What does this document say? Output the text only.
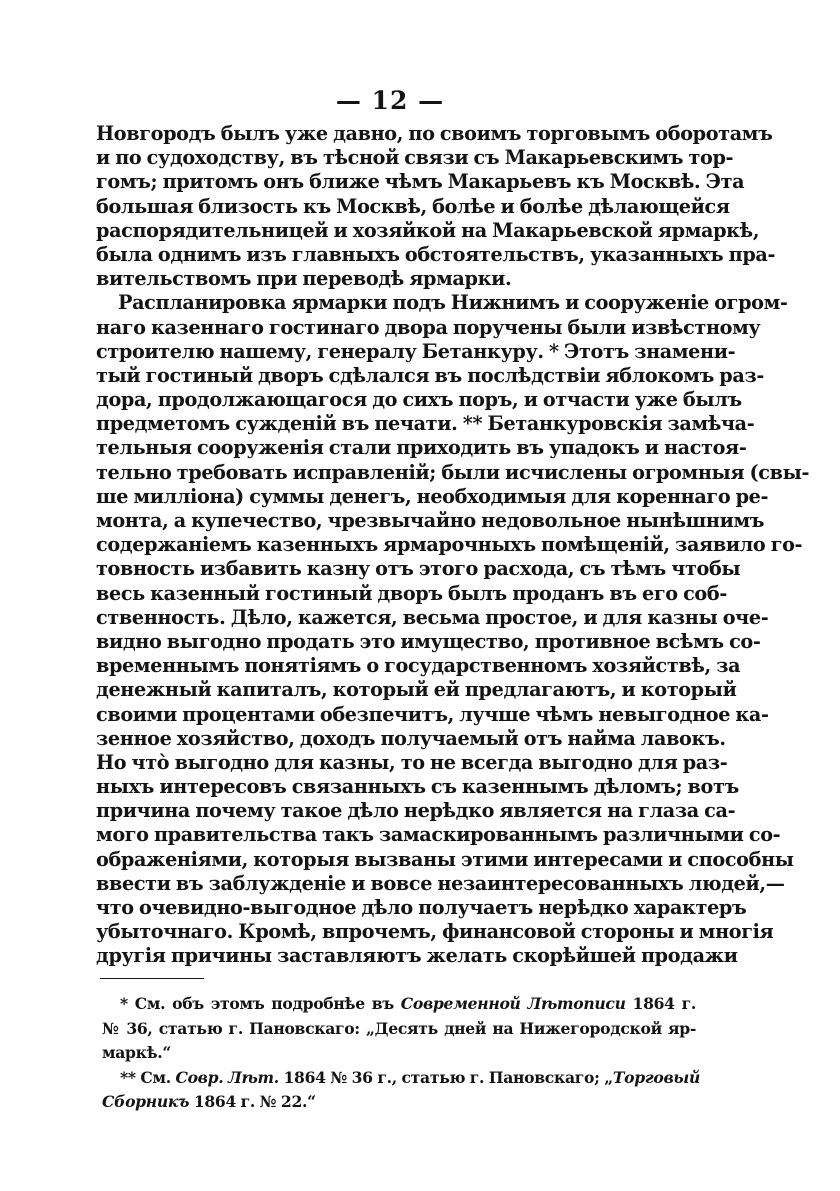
— 12 —
Новгородъ былъ уже давно, по своимъ торговымъ оборотамъ
и по судоходству, въ тѣсной связи съ Макарьевскимъ тор-
гомъ; притомъ онъ ближе чѣмъ Макарьевъ къ Москвѣ. Эта
большая близость къ Москвѣ, болѣе и болѣе дѣлающейся
распорядительницей и хозяйкой на Макарьевской ярмаркѣ,
была однимъ изъ главныхъ обстоятельствъ, указанныхъ пра-
вительствомъ при переводѣ ярмарки.
Распланировка ярмарки подъ Нижнимъ и сооруженіе огром-
наго казеннаго гостинаго двора поручены были извѣстному
строителю нашему, генералу Бетанкуру. * Этотъ знамени-
тый гостиный дворъ сдѣлался въ послѣдствіи яблокомъ раз-
дора, продолжающагося до сихъ поръ, и отчасти уже былъ
предметомъ сужденій въ печати. ** Бетанкуровскія замѣча-
тельныя сооруженія стали приходить въ упадокъ и настоя-
тельно требовать исправленій; были исчислены огромныя (свы-
ше милліона) суммы денегъ, необходимыя для кореннаго ре-
монта, а купечество, чрезвычайно недовольное нынѣшнимъ
содержаніемъ казенныхъ ярмарочныхъ помѣщеній, заявило го-
товность избавить казну отъ этого расхода, съ тѣмъ чтобы
весь казенный гостиный дворъ былъ проданъ въ его соб-
ственность. Дѣло, кажется, весьма простое, и для казны оче-
видно выгодно продать это имущество, противное всѣмъ со-
временнымъ понятіямъ о государственномъ хозяйствѣ, за
денежный капиталъ, который ей предлагаютъ, и который
своими процентами обезпечитъ, лучше чѣмъ невыгодное ка-
зенное хозяйство, доходъ получаемый отъ найма лавокъ.
Но что̀ выгодно для казны, то не всегда выгодно для раз-
ныхъ интересовъ связанныхъ съ казеннымъ дѣломъ; вотъ
причина почему такое дѣло нерѣдко является на глаза са-
мого правительства такъ замаскированнымъ различными со-
ображеніями, которыя вызваны этими интересами и способны
ввести въ заблужденіе и вовсе незаинтересованныхъ людей,—
что очевидно-выгодное дѣло получаетъ нерѣдко характеръ
убыточнаго. Кромѣ, впрочемъ, финансовой стороны и многія
другія причины заставляютъ желать скорѣйшей продажи
* См. объ этомъ подробнѣе въ Современной Лѣтописи 1864 г.
№ 36, статью г. Пановскаго: „Десять дней на Нижегородской яр-
маркѣ.“
** См. Совр. Лѣт. 1864 № 36 г., статью г. Пановскаго; „Торговый
Сборникъ 1864 г. № 22.“
